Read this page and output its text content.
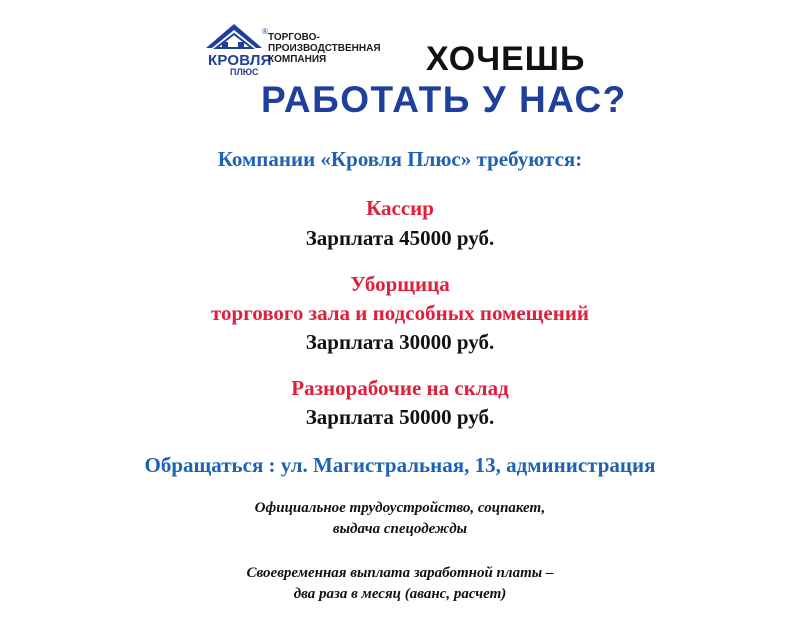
®
КРОВЛЯ
ПЛЮС
ТОРГОВО-
ПРОИЗВОДСТВЕННАЯ
КОМПАНИЯ	ХОЧЕШЬ
РАБОТАТЬ У НАС?
Компании «Кровля Плюс» требуются:
Кассир
Зарплата 45000 руб.
Уборщица
торгового зала и подсобных помещений
Зарплата 30000 руб.
Разнорабочие на склад
Зарплата 50000 руб.
Обращаться : ул. Магистральная, 13, администрация
Официальное трудоустройство, соцпакет,
выдача спецодежды
Своевременная выплата заработной платы –
два раза в месяц (аванс, расчет)
